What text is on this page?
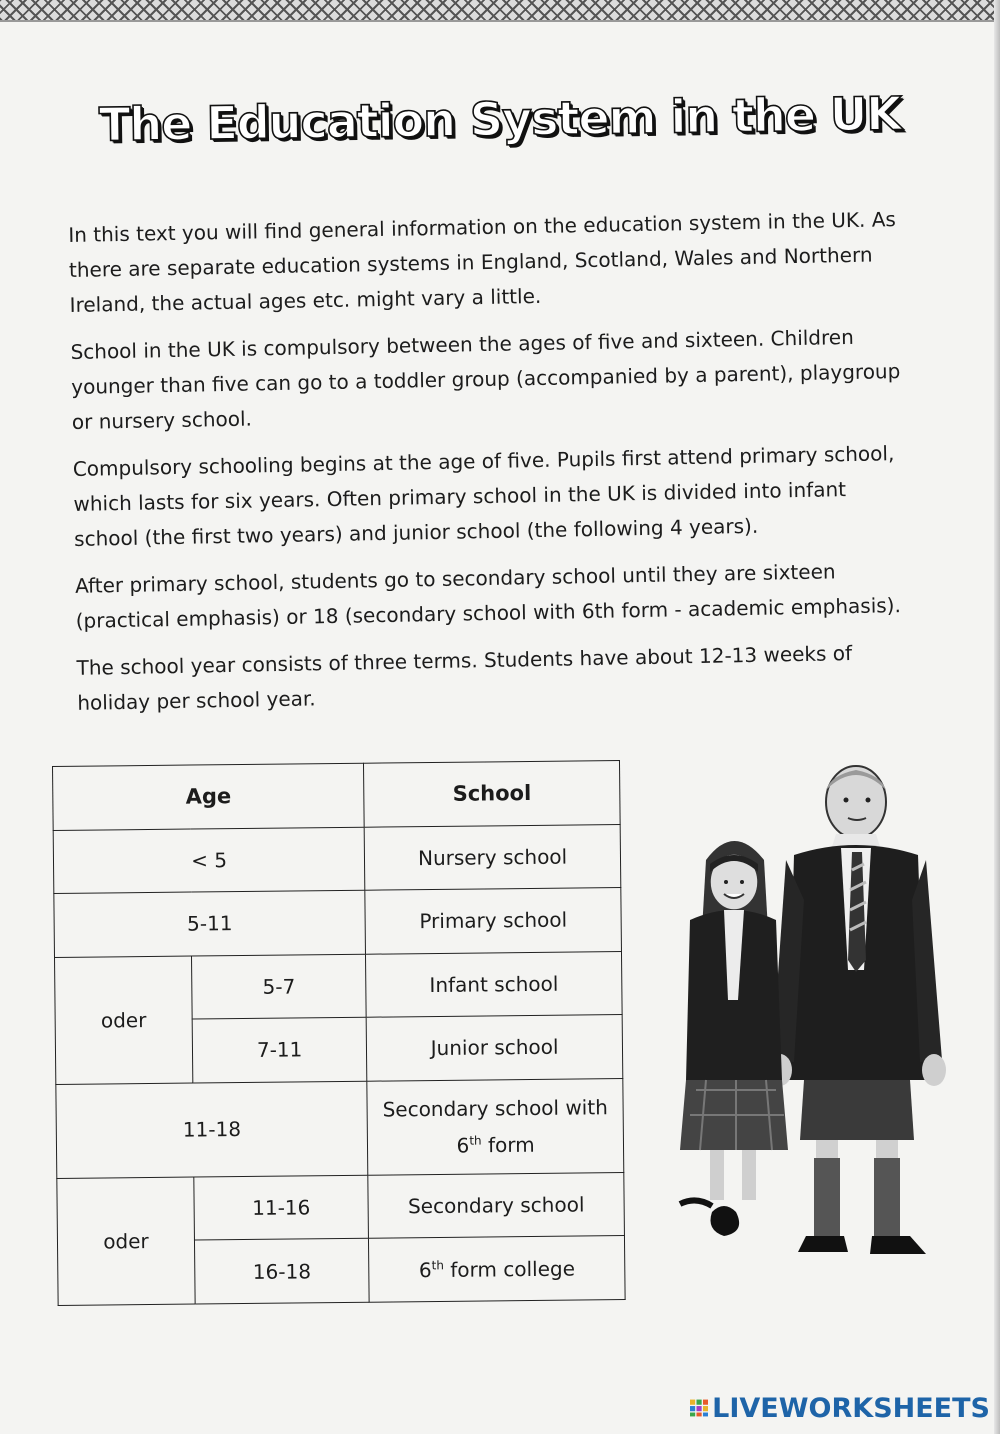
The Education System in the UK

In this text you will find general information on the education system in the UK. As there are separate education systems in England, Scotland, Wales and Northern Ireland, the actual ages etc. might vary a little.

School in the UK is compulsory between the ages of five and sixteen. Children younger than five can go to a toddler group (accompanied by a parent), playgroup or nursery school.

Compulsory schooling begins at the age of five. Pupils first attend primary school, which lasts for six years. Often primary school in the UK is divided into infant school (the first two years) and junior school (the following 4 years).

After primary school, students go to secondary school until they are sixteen (practical emphasis) or 18 (secondary school with 6th form - academic emphasis).

The school year consists of three terms. Students have about 12-13 weeks of holiday per school year.

Age		School
< 5		Nursery school
5-11		Primary school
oder	5-7	Infant school
	7-11	Junior school
11-18		Secondary school with
6th form
oder	11-16	Secondary school
	16-18	6th form college
LIVEWORKSHEETS
